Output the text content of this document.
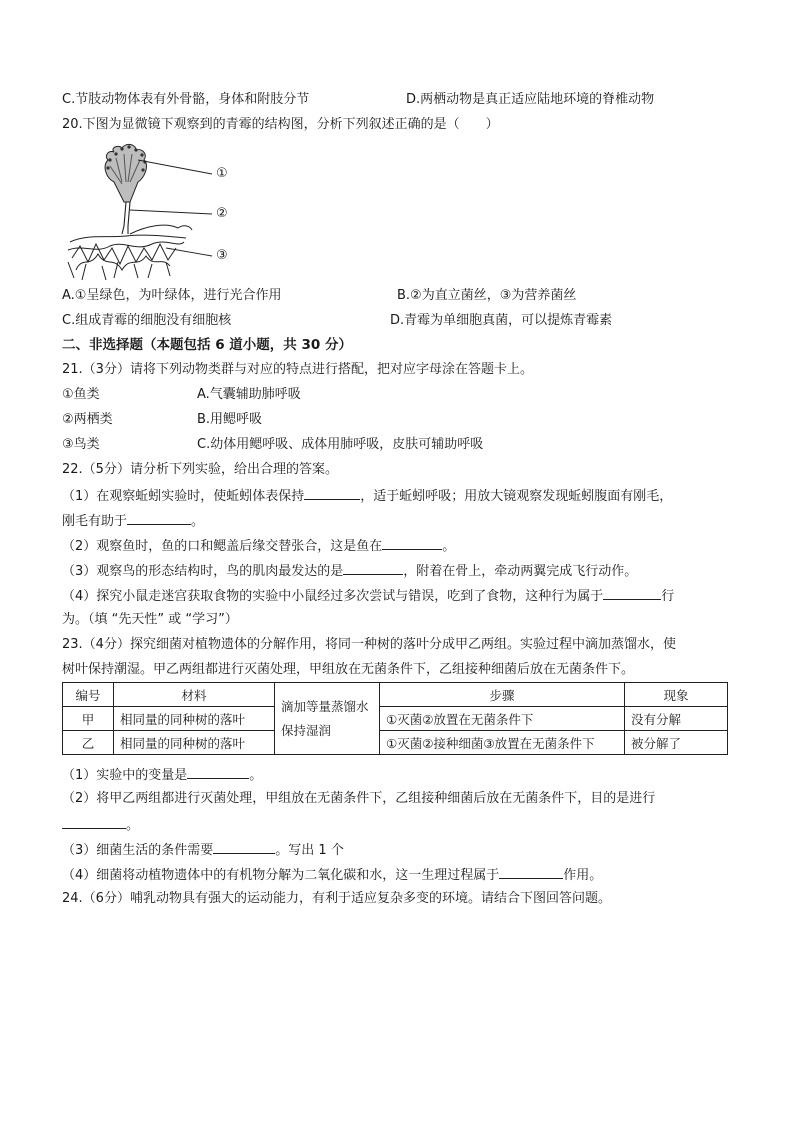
C.节肢动物体表有外骨骼，身体和附肢分节	D.两栖动物是真正适应陆地环境的脊椎动物
20.下图为显微镜下观察到的青霉的结构图，分析下列叙述正确的是（　　）
①
②
③
A.①呈绿色，为叶绿体，进行光合作用	B.②为直立菌丝，③为营养菌丝
C.组成青霉的细胞没有细胞核	D.青霉为单细胞真菌，可以提炼青霉素
二、非选择题（本题包括 6 道小题，共 30 分）
21.（3分）请将下列动物类群与对应的特点进行搭配，把对应字母涂在答题卡上。
①鱼类	A.气囊辅助肺呼吸
②两栖类	B.用鳃呼吸
③鸟类	C.幼体用鳃呼吸、成体用肺呼吸，皮肤可辅助呼吸
22.（5分）请分析下列实验，给出合理的答案。
（1）在观察蚯蚓实验时，使蚯蚓体表保持	，适于蚯蚓呼吸；用放大镜观察发现蚯蚓腹面有刚毛，
刚毛有助于	。
（2）观察鱼时，鱼的口和鳃盖后缘交替张合，这是鱼在	。
（3）观察鸟的形态结构时，鸟的肌肉最发达的是	，附着在骨上，牵动两翼完成飞行动作。
（4）探究小鼠走迷宫获取食物的实验中小鼠经过多次尝试与错误，吃到了食物，这种行为属于	行
为。（填 “先天性” 或 “学习”）
23.（4分）探究细菌对植物遗体的分解作用，将同一种树的落叶分成甲乙两组。实验过程中滴加蒸馏水，使
树叶保持潮湿。甲乙两组都进行灭菌处理，甲组放在无菌条件下，乙组接种细菌后放在无菌条件下。
编号	材料	滴加等量蒸馏水保持湿润	步骤	现象
甲	相同量的同种树的落叶		①灭菌②放置在无菌条件下	没有分解
乙	相同量的同种树的落叶		①灭菌②接种细菌③放置在无菌条件下	被分解了
（1）实验中的变量是	。
（2）将甲乙两组都进行灭菌处理，甲组放在无菌条件下，乙组接种细菌后放在无菌条件下，目的是进行
。
（3）细菌生活的条件需要	。写出 1 个
（4）细菌将动植物遗体中的有机物分解为二氧化碳和水，这一生理过程属于	作用。
24.（6分）哺乳动物具有强大的运动能力，有利于适应复杂多变的环境。请结合下图回答问题。
